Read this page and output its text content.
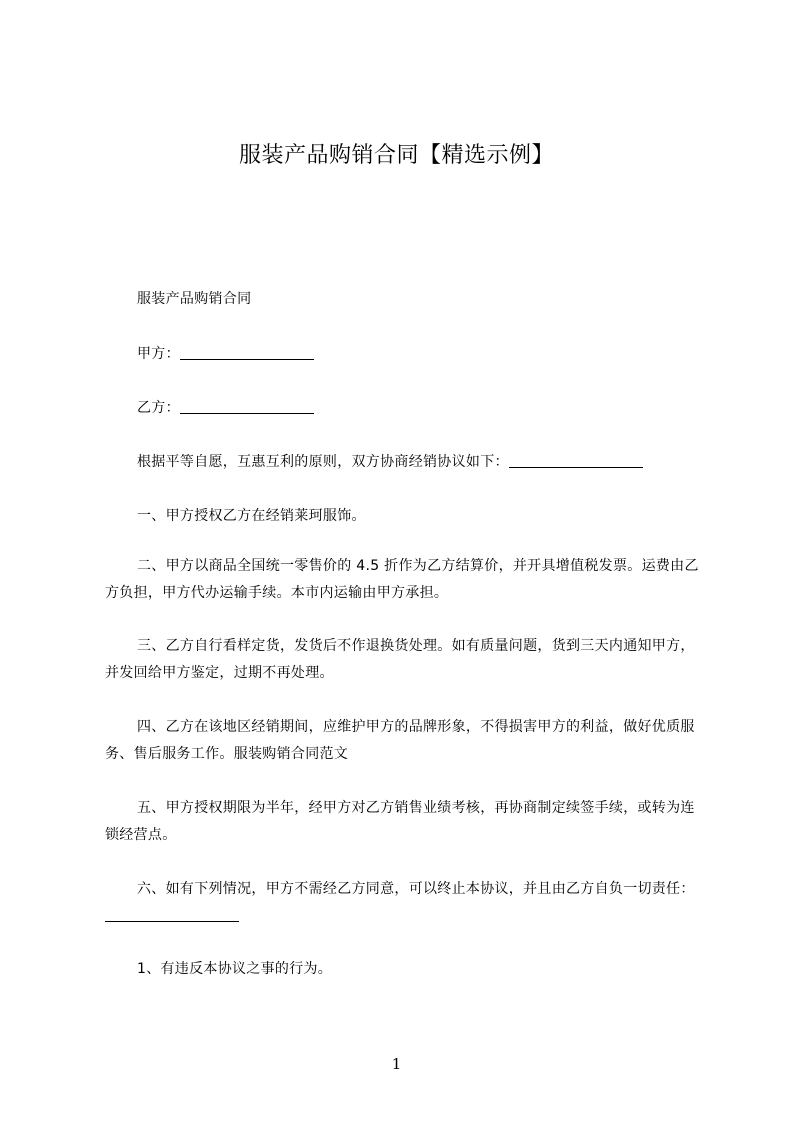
服装产品购销合同【精选示例】
服装产品购销合同
甲方：
乙方：
根据平等自愿，互惠互利的原则，双方协商经销协议如下：
一、甲方授权乙方在经销莱珂服饰。
二、甲方以商品全国统一零售价的 4.5 折作为乙方结算价，并开具增值税发票。运费由乙方负担，甲方代办运输手续。本市内运输由甲方承担。
三、乙方自行看样定货，发货后不作退换货处理。如有质量问题，货到三天内通知甲方，并发回给甲方鉴定，过期不再处理。
四、乙方在该地区经销期间，应维护甲方的品牌形象，不得损害甲方的利益，做好优质服务、售后服务工作。服装购销合同范文
五、甲方授权期限为半年，经甲方对乙方销售业绩考核，再协商制定续签手续，或转为连锁经营点。
六、如有下列情况，甲方不需经乙方同意，可以终止本协议，并且由乙方自负一切责任：
1、有违反本协议之事的行为。
1
